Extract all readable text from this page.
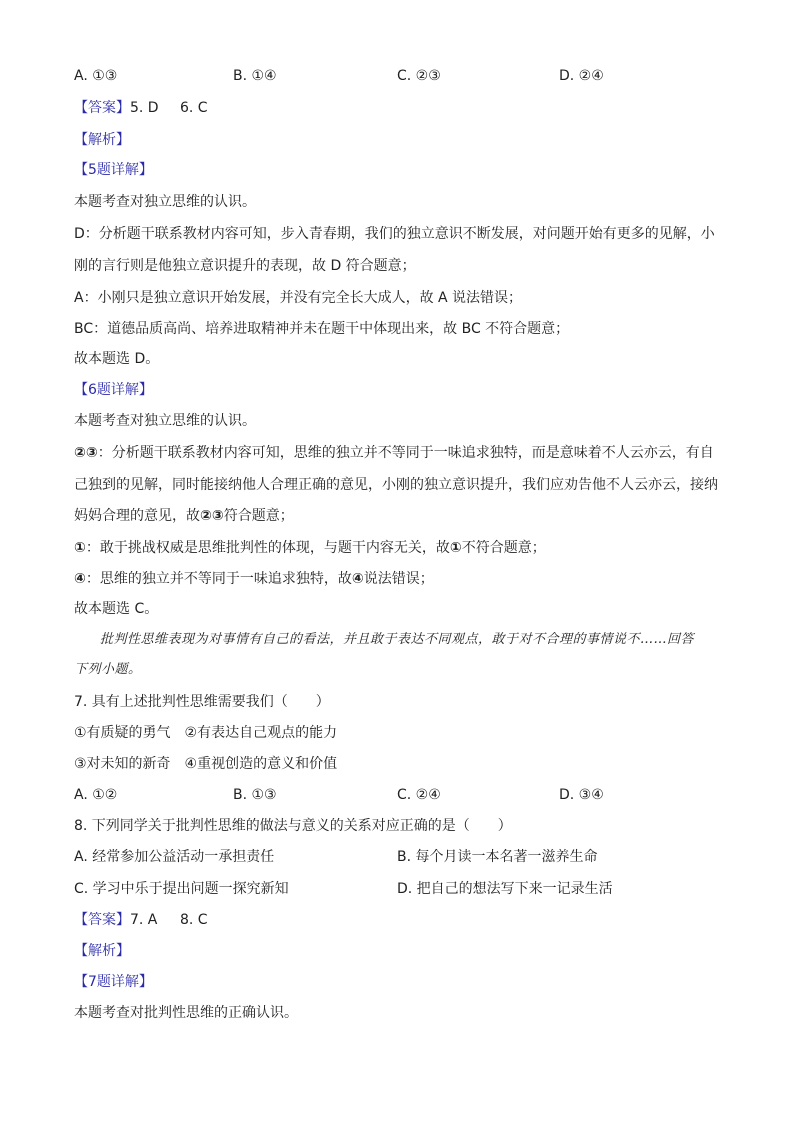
A. ①③	B. ①④	C. ②③	D. ②④
【答案】 5. D 6. C
【解析】
【5题详解】
本题考查对独立思维的认识。
D：分析题干联系教材内容可知，步入青春期，我们的独立意识不断发展，对问题开始有更多的见解，小
刚的言行则是他独立意识提升的表现，故 D 符合题意；
A：小刚只是独立意识开始发展，并没有完全长大成人，故 A 说法错误；
BC：道德品质高尚、培养进取精神并未在题干中体现出来，故 BC 不符合题意；
故本题选 D。
【6题详解】
本题考查对独立思维的认识。
②③：分析题干联系教材内容可知，思维的独立并不等同于一味追求独特，而是意味着不人云亦云，有自
己独到的见解，同时能接纳他人合理正确的意见，小刚的独立意识提升，我们应劝告他不人云亦云，接纳
妈妈合理的意见，故②③符合题意；
①：敢于挑战权威是思维批判性的体现，与题干内容无关，故①不符合题意；
④：思维的独立并不等同于一味追求独特，故④说法错误；
故本题选 C。
批判性思维表现为对事情有自己的看法，并且敢于表达不同观点，敢于对不合理的事情说不……回答
下列小题。
7. 具有上述批判性思维需要我们（　　）
①有质疑的勇气　②有表达自己观点的能力
③对未知的新奇　④重视创造的意义和价值
A. ①②	B. ①③	C. ②④	D. ③④
8. 下列同学关于批判性思维的做法与意义的关系对应正确的是（　　）
A. 经常参加公益活动一承担责任	B. 每个月读一本名著一滋养生命
C. 学习中乐于提出问题一探究新知	D. 把自己的想法写下来一记录生活
【答案】 7. A 8. C
【解析】
【7题详解】
本题考查对批判性思维的正确认识。
